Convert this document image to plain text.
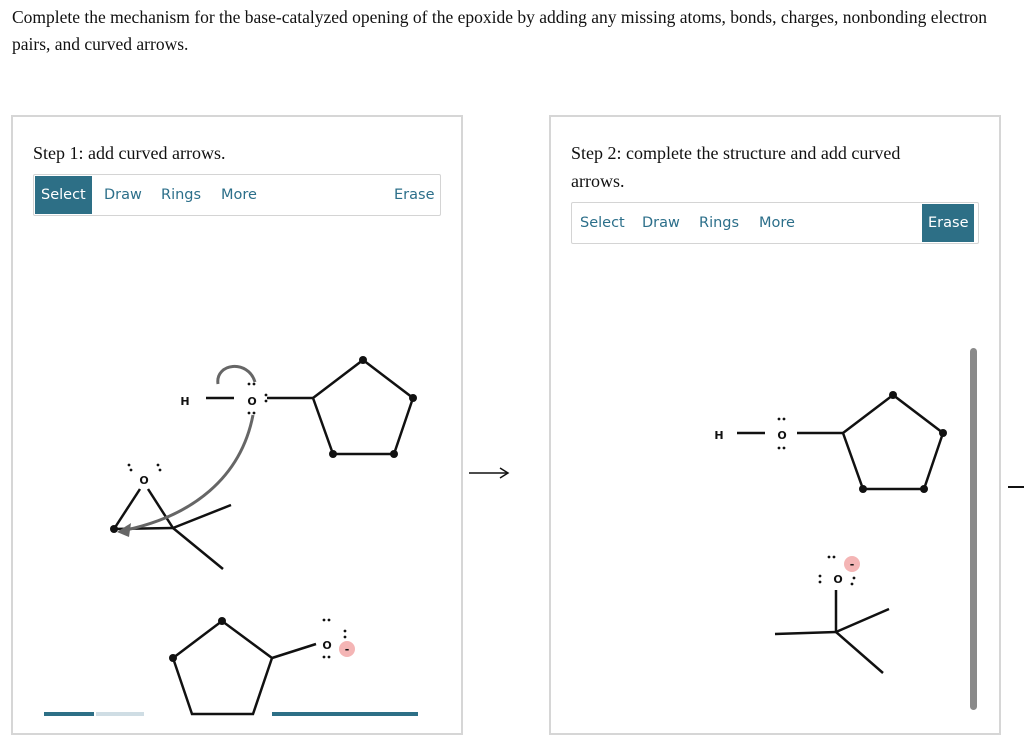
Complete the mechanism for the base-catalyzed opening of the epoxide by adding any missing atoms, bonds, charges, nonbonding electron pairs, and curved arrows.

Step 1: add curved arrows.

Select	Draw	Rings	More	Erase
H	O
O
O -

Step 2: complete the structure and add curved arrows.

Select	Draw	Rings	More	Erase
H	O
O
-
